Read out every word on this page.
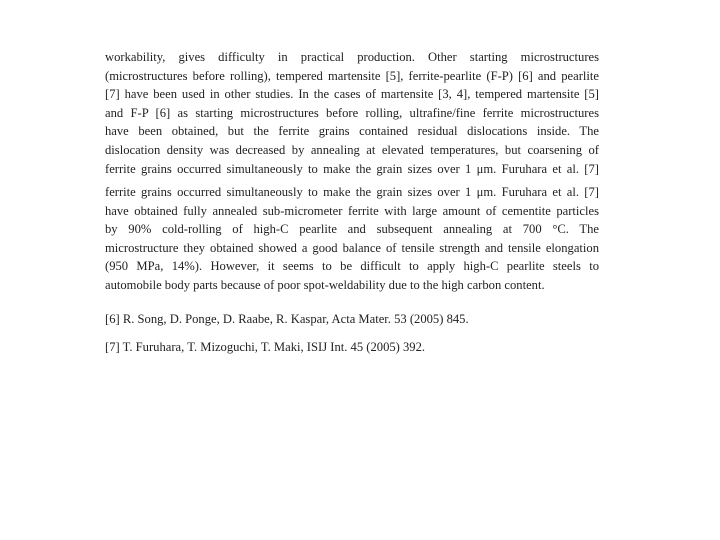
workability, gives difficulty in practical production. Other starting microstructures
(microstructures before rolling), tempered martensite [5], ferrite-pearlite (F-P) [6] and pearlite
[7] have been used in other studies. In the cases of martensite [3, 4], tempered martensite [5]
and F-P [6] as starting microstructures before rolling, ultrafine/fine ferrite microstructures
have been obtained, but the ferrite grains contained residual dislocations inside. The
dislocation density was decreased by annealing at elevated temperatures, but coarsening of
ferrite grains occurred simultaneously to make the grain sizes over 1 μm. Furuhara et al. [7]
ferrite grains occurred simultaneously to make the grain sizes over 1 μm. Furuhara et al. [7]
have obtained fully annealed sub-micrometer ferrite with large amount of cementite particles
by 90% cold-rolling of high-C pearlite and subsequent annealing at 700 °C. The
microstructure they obtained showed a good balance of tensile strength and tensile elongation
(950 MPa, 14%). However, it seems to be difficult to apply high-C pearlite steels to
automobile body parts because of poor spot-weldability due to the high carbon content.
[6] R. Song, D. Ponge, D. Raabe, R. Kaspar, Acta Mater. 53 (2005) 845.
[7] T. Furuhara, T. Mizoguchi, T. Maki, ISIJ Int. 45 (2005) 392.
